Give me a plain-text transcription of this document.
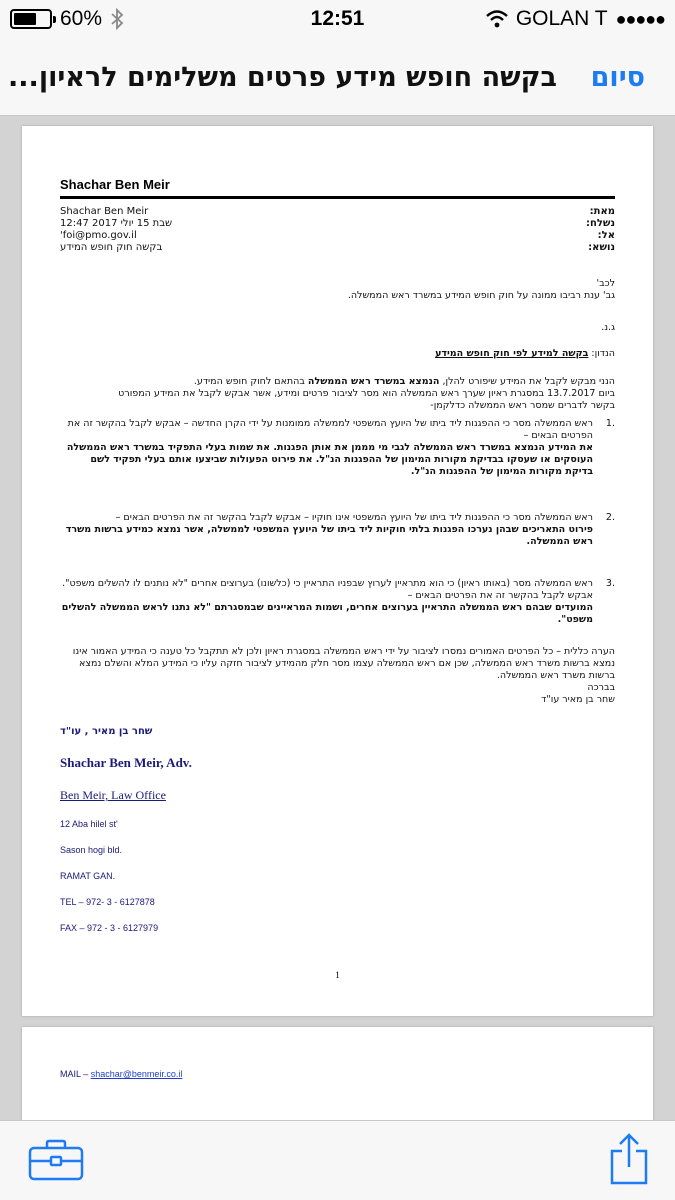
60%	12:51	GOLAN T ●●●●●
סיום
בקשה חופש מידע פרטים משלימים לראיון...
Shachar Ben Meir
Shachar Ben Meir	מאת:
שבת 15 יולי 2017 12:47	נשלח:
foi@pmo.gov.il'	אל:
בקשה חוק חופש המידע	נושא:
לכב'
גב' ענת רביבו ממונה על חוק חופש המידע במשרד ראש הממשלה.
ג.נ.
הנדון: בקשה למידע לפי חוק חופש המידע
הנני מבקש לקבל את המידע שיפורט להלן, הנמצא במשרד ראש הממשלה בהתאם לחוק חופש המידע.
ביום 13.7.2017 במסגרת ראיון שערך ראש הממשלה הוא מסר לציבור פרטים ומידע, אשר אבקש לקבל את המידע המפורט
בקשר לדברים שמסר ראש הממשלה כדלקמן-
.1
ראש הממשלה מסר כי ההפגנות ליד ביתו של היועץ המשפטי לממשלה ממומנות על ידי הקרן החדשה – אבקש לקבל בהקשר זה את הפרטים הבאים –
את המידע הנמצא במשרד ראש הממשלה לגבי מי מממן את אותן הפגנות. את שמות בעלי התפקיד במשרד ראש הממשלה העוסקים או שעסקו בבדיקת מקורות המימון של ההפגנות הנ"ל. את פירוט הפעולות שביצעו אותם בעלי תפקיד לשם בדיקת מקורות המימון של ההפגנות הנ"ל.
.2
ראש הממשלה מסר כי ההפגנות ליד ביתו של היועץ המשפטי אינו חוקיו – אבקש לקבל בהקשר זה את הפרטים הבאים –
פירוט התאריכים שבהן נערכו הפגנות בלתי חוקיות ליד ביתו של היועץ המשפטי לממשלה, אשר נמצא כמידע ברשות משרד ראש הממשלה.
.3
ראש הממשלה מסר (באותו ראיון) כי הוא מתראיין לערוץ שבפניו התראיין כי (כלשונו) בערוצים אחרים "לא נותנים לו להשלים משפט". אבקש לקבל בהקשר זה את הפרטים הבאים –
המועדים שבהם ראש הממשלה התראיין בערוצים אחרים, ושמות המראיינים שבמסגרתם "לא נתנו לראש הממשלה להשלים משפט".
הערה כללית – כל הפרטים האמורים נמסרו לציבור על ידי ראש הממשלה במסגרת ראיון ולכן לא תתקבל כל טענה כי המידע האמור אינו נמצא ברשות משרד ראש הממשלה, שכן אם ראש הממשלה עצמו מסר חלק מהמידע לציבור חזקה עליו כי המידע המלא והשלם נמצא ברשות משרד ראש הממשלה.
בברכה
שחר בן מאיר עו"ד
שחר בן מאיר , עו"ד
Shachar Ben Meir, Adv.
Ben Meir, Law Office
12 Aba hilel st'
Sason hogi bld.
RAMAT GAN.
TEL – 972- 3 - 6127878
FAX – 972 - 3 - 6127979
1
MAIL – shachar@benmeir.co.il
